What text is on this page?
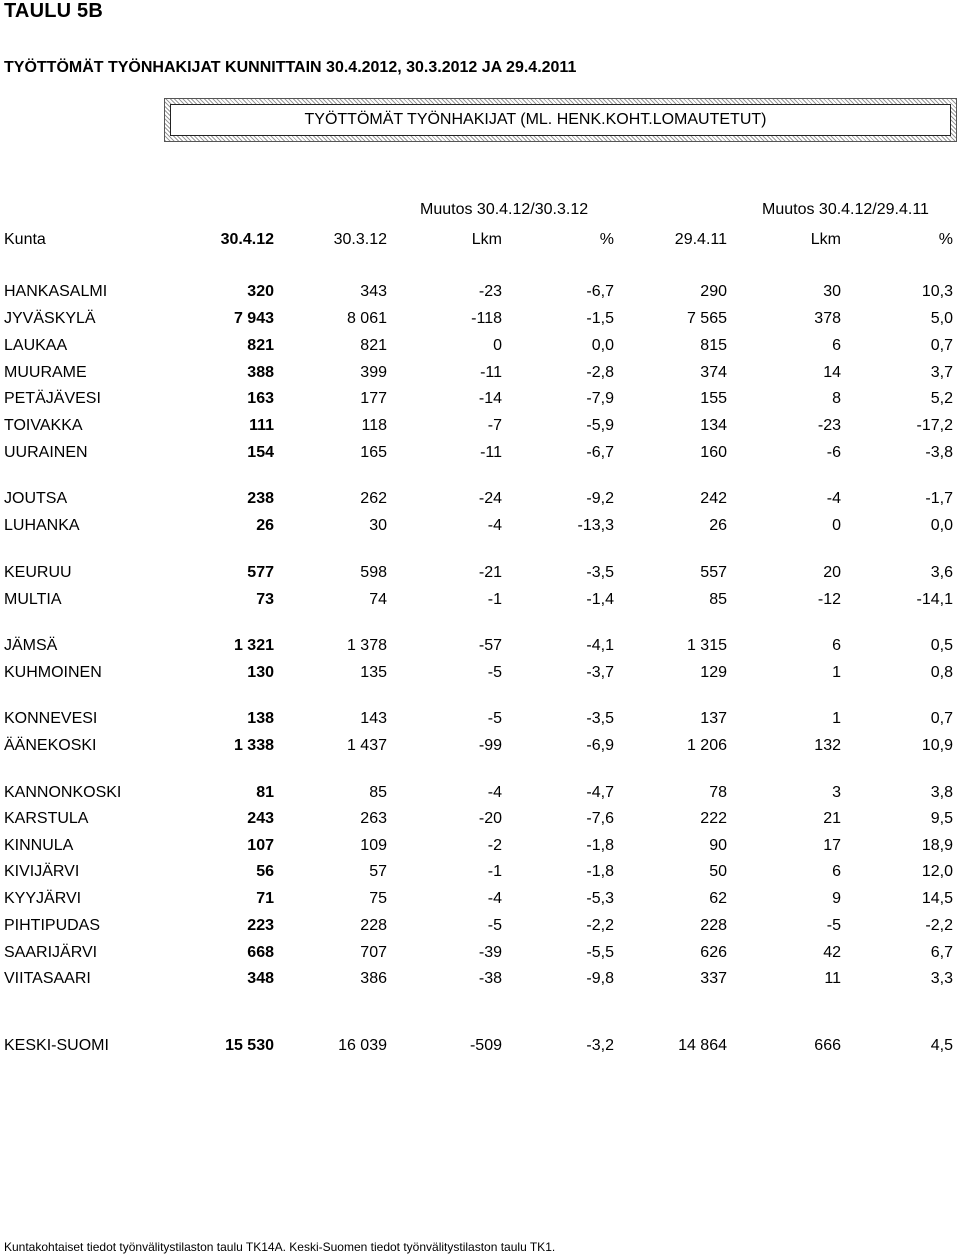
TAULU 5B
TYÖTTÖMÄT TYÖNHAKIJAT KUNNITTAIN 30.4.2012, 30.3.2012 JA 29.4.2011
TYÖTTÖMÄT TYÖNHAKIJAT (ML. HENK.KOHT.LOMAUTETUT)
Muutos 30.4.12/30.3.12	Muutos 30.4.12/29.4.11
Kunta	30.4.12	30.3.12	Lkm	%	29.4.11	Lkm	%
HANKASALMI	320	343	-23	-6,7	290	30	10,3
JYVÄSKYLÄ	7 943	8 061	-118	-1,5	7 565	378	5,0
LAUKAA	821	821	0	0,0	815	6	0,7
MUURAME	388	399	-11	-2,8	374	14	3,7
PETÄJÄVESI	163	177	-14	-7,9	155	8	5,2
TOIVAKKA	111	118	-7	-5,9	134	-23	-17,2
UURAINEN	154	165	-11	-6,7	160	-6	-3,8
JOUTSA	238	262	-24	-9,2	242	-4	-1,7
LUHANKA	26	30	-4	-13,3	26	0	0,0
KEURUU	577	598	-21	-3,5	557	20	3,6
MULTIA	73	74	-1	-1,4	85	-12	-14,1
JÄMSÄ	1 321	1 378	-57	-4,1	1 315	6	0,5
KUHMOINEN	130	135	-5	-3,7	129	1	0,8
KONNEVESI	138	143	-5	-3,5	137	1	0,7
ÄÄNEKOSKI	1 338	1 437	-99	-6,9	1 206	132	10,9
KANNONKOSKI	81	85	-4	-4,7	78	3	3,8
KARSTULA	243	263	-20	-7,6	222	21	9,5
KINNULA	107	109	-2	-1,8	90	17	18,9
KIVIJÄRVI	56	57	-1	-1,8	50	6	12,0
KYYJÄRVI	71	75	-4	-5,3	62	9	14,5
PIHTIPUDAS	223	228	-5	-2,2	228	-5	-2,2
SAARIJÄRVI	668	707	-39	-5,5	626	42	6,7
VIITASAARI	348	386	-38	-9,8	337	11	3,3
KESKI-SUOMI	15 530	16 039	-509	-3,2	14 864	666	4,5
Kuntakohtaiset tiedot työnvälitystilaston taulu TK14A. Keski-Suomen tiedot työnvälitystilaston taulu TK1.
